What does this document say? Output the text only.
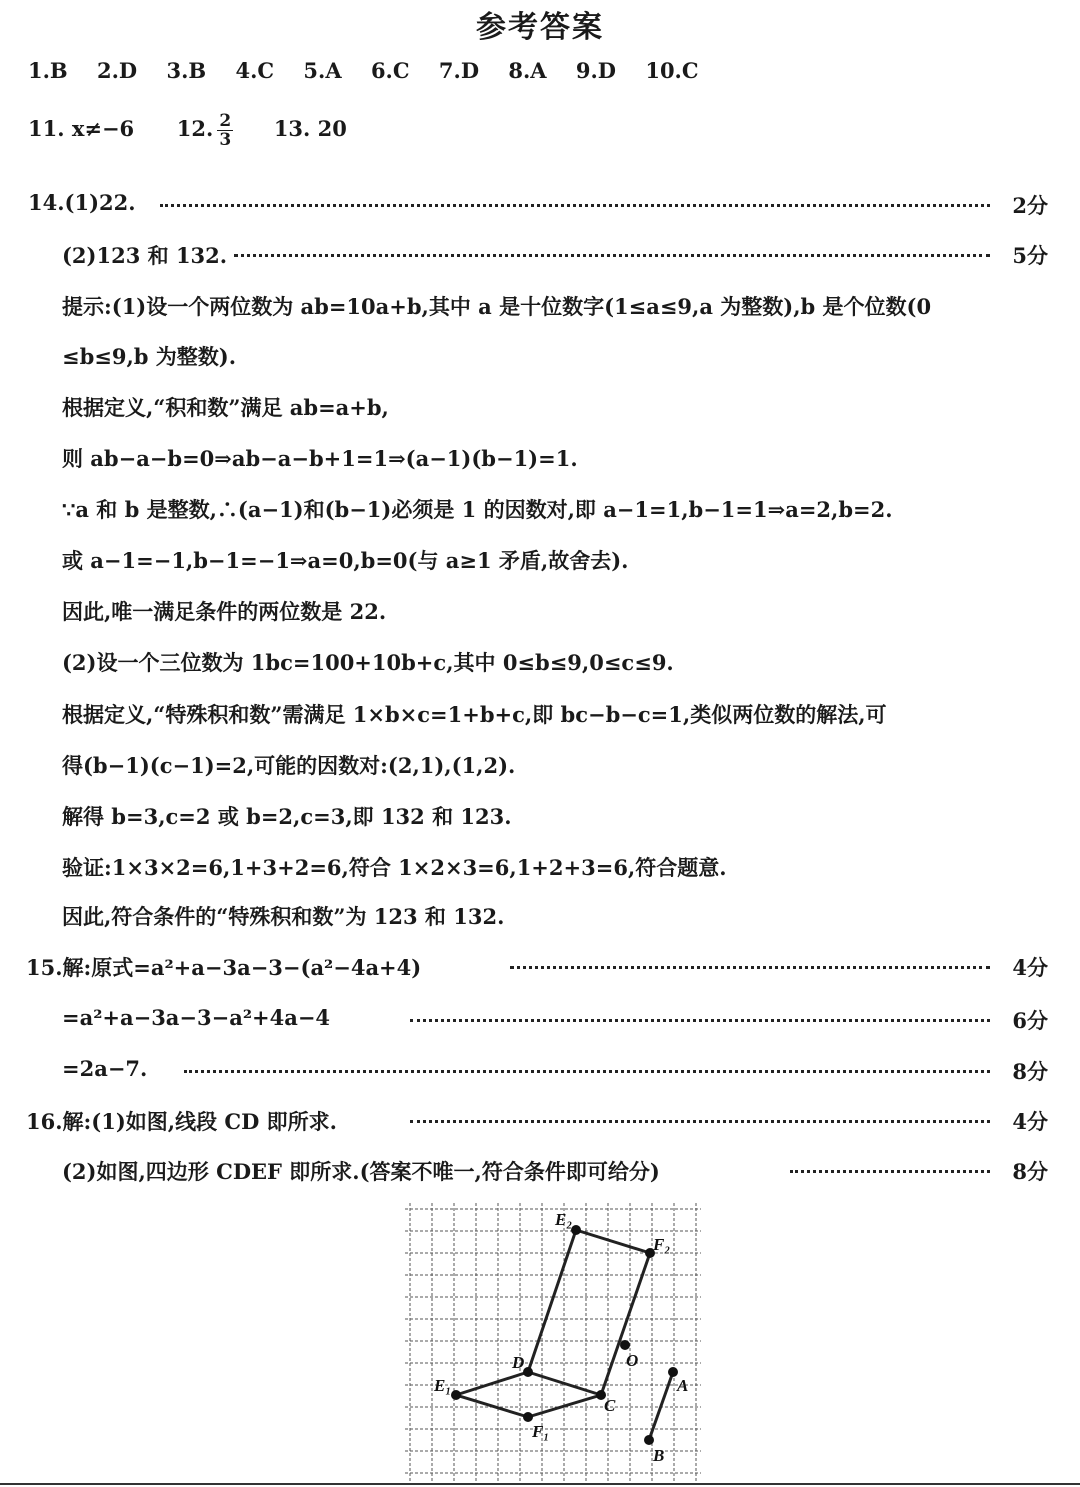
参考答案
1.B 2.D 3.B 4.C 5.A 6.C 7.D 8.A 9.D 10.C
11. x≠−6 12. $\frac{2}{3} 13$. 20
14.(1)22.	2分
(2)123 和 132.	5分
提示:(1)设一个两位数为 ab=10a+b,其中 a 是十位数字(1≤a≤9,a 为整数),b 是个位数(0
≤b≤9,b 为整数).
根据定义,“积和数”满足 ab=a+b,
则 ab−a−b=0⇒ab−a−b+1=1⇒(a−1)(b−1)=1.
∵a 和 b 是整数,∴(a−1)和(b−1)必须是 1 的因数对,即 a−1=1,b−1=1⇒a=2,b=2.
或 a−1=−1,b−1=−1⇒a=0,b=0(与 a≥1 矛盾,故舍去).
因此,唯一满足条件的两位数是 22.
(2)设一个三位数为 1bc=100+10b+c,其中 0≤b≤9,0≤c≤9.
根据定义,“特殊积和数”需满足 1×b×c=1+b+c,即 bc−b−c=1,类似两位数的解法,可
得(b−1)(c−1)=2,可能的因数对:(2,1),(1,2).
解得 b=3,c=2 或 b=2,c=3,即 132 和 123.
验证:1×3×2=6,1+3+2=6,符合 1×2×3=6,1+2+3=6,符合题意.
因此,符合条件的“特殊积和数”为 123 和 132.
15.解:原式=a²+a−3a−3−(a²−4a+4)	4分
=a²+a−3a−3−a²+4a−4	6分
=2a−7.	8分
16.解:(1)如图,线段 CD 即所求.	4分
(2)如图,四边形 CDEF 即所求.(答案不唯一,符合条件即可给分)	8分
E₂
F₂
D	O
E₁
C
F₁
A
B
